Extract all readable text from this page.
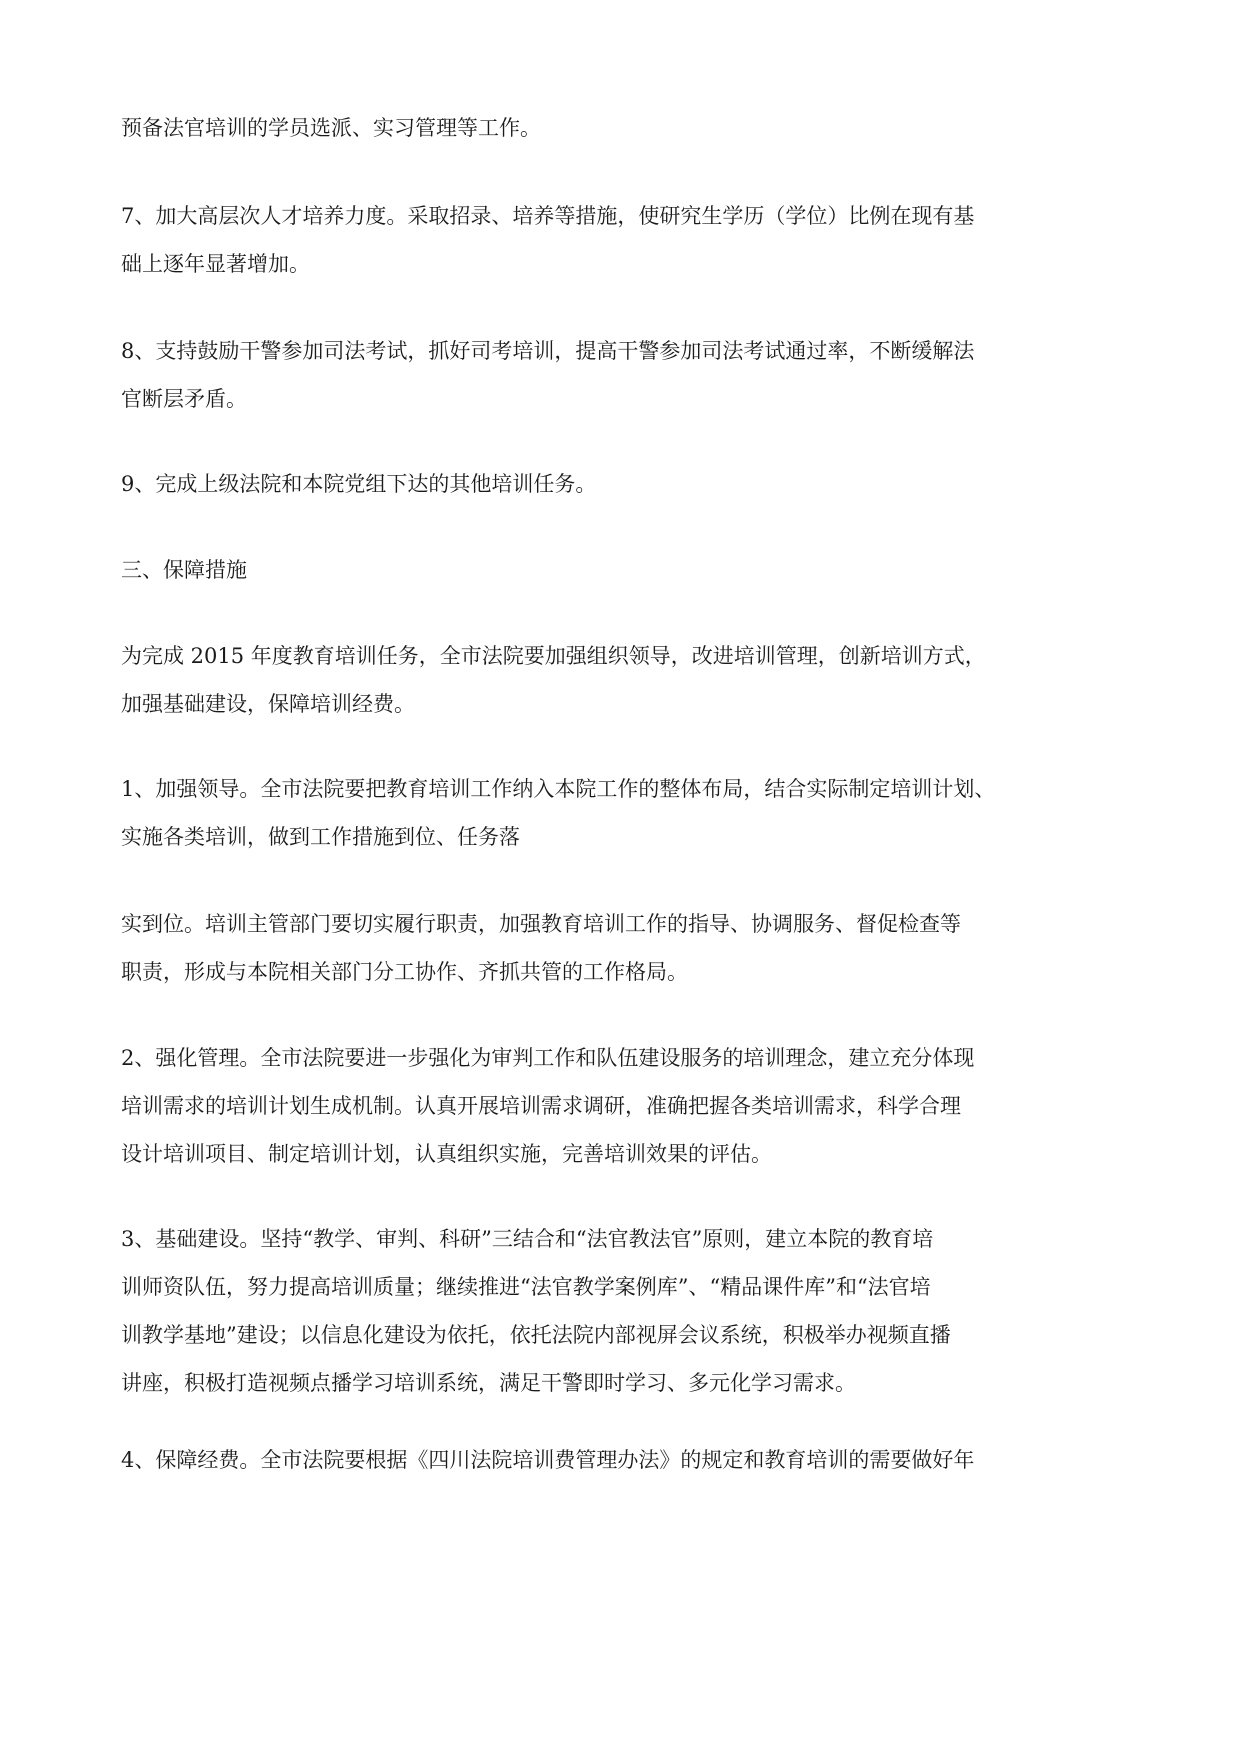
预备法官培训的学员选派、实习管理等工作。

7、加大高层次人才培养力度。采取招录、培养等措施，使研究生学历（学位）比例在现有基
础上逐年显著增加。

8、支持鼓励干警参加司法考试，抓好司考培训，提高干警参加司法考试通过率，不断缓解法
官断层矛盾。

9、完成上级法院和本院党组下达的其他培训任务。

三、保障措施

为完成 2015 年度教育培训任务，全市法院要加强组织领导，改进培训管理，创新培训方式，
加强基础建设，保障培训经费。

1、加强领导。全市法院要把教育培训工作纳入本院工作的整体布局，结合实际制定培训计划、
实施各类培训，做到工作措施到位、任务落

实到位。培训主管部门要切实履行职责，加强教育培训工作的指导、协调服务、督促检查等
职责，形成与本院相关部门分工协作、齐抓共管的工作格局。

2、强化管理。全市法院要进一步强化为审判工作和队伍建设服务的培训理念，建立充分体现
培训需求的培训计划生成机制。认真开展培训需求调研，准确把握各类培训需求，科学合理
设计培训项目、制定培训计划，认真组织实施，完善培训效果的评估。

3、基础建设。坚持“教学、审判、科研”三结合和“法官教法官”原则，建立本院的教育培
训师资队伍，努力提高培训质量；继续推进“法官教学案例库”、“精品课件库”和“法官培
训教学基地”建设；以信息化建设为依托，依托法院内部视屏会议系统，积极举办视频直播
讲座，积极打造视频点播学习培训系统，满足干警即时学习、多元化学习需求。

4、保障经费。全市法院要根据《四川法院培训费管理办法》的规定和教育培训的需要做好年
